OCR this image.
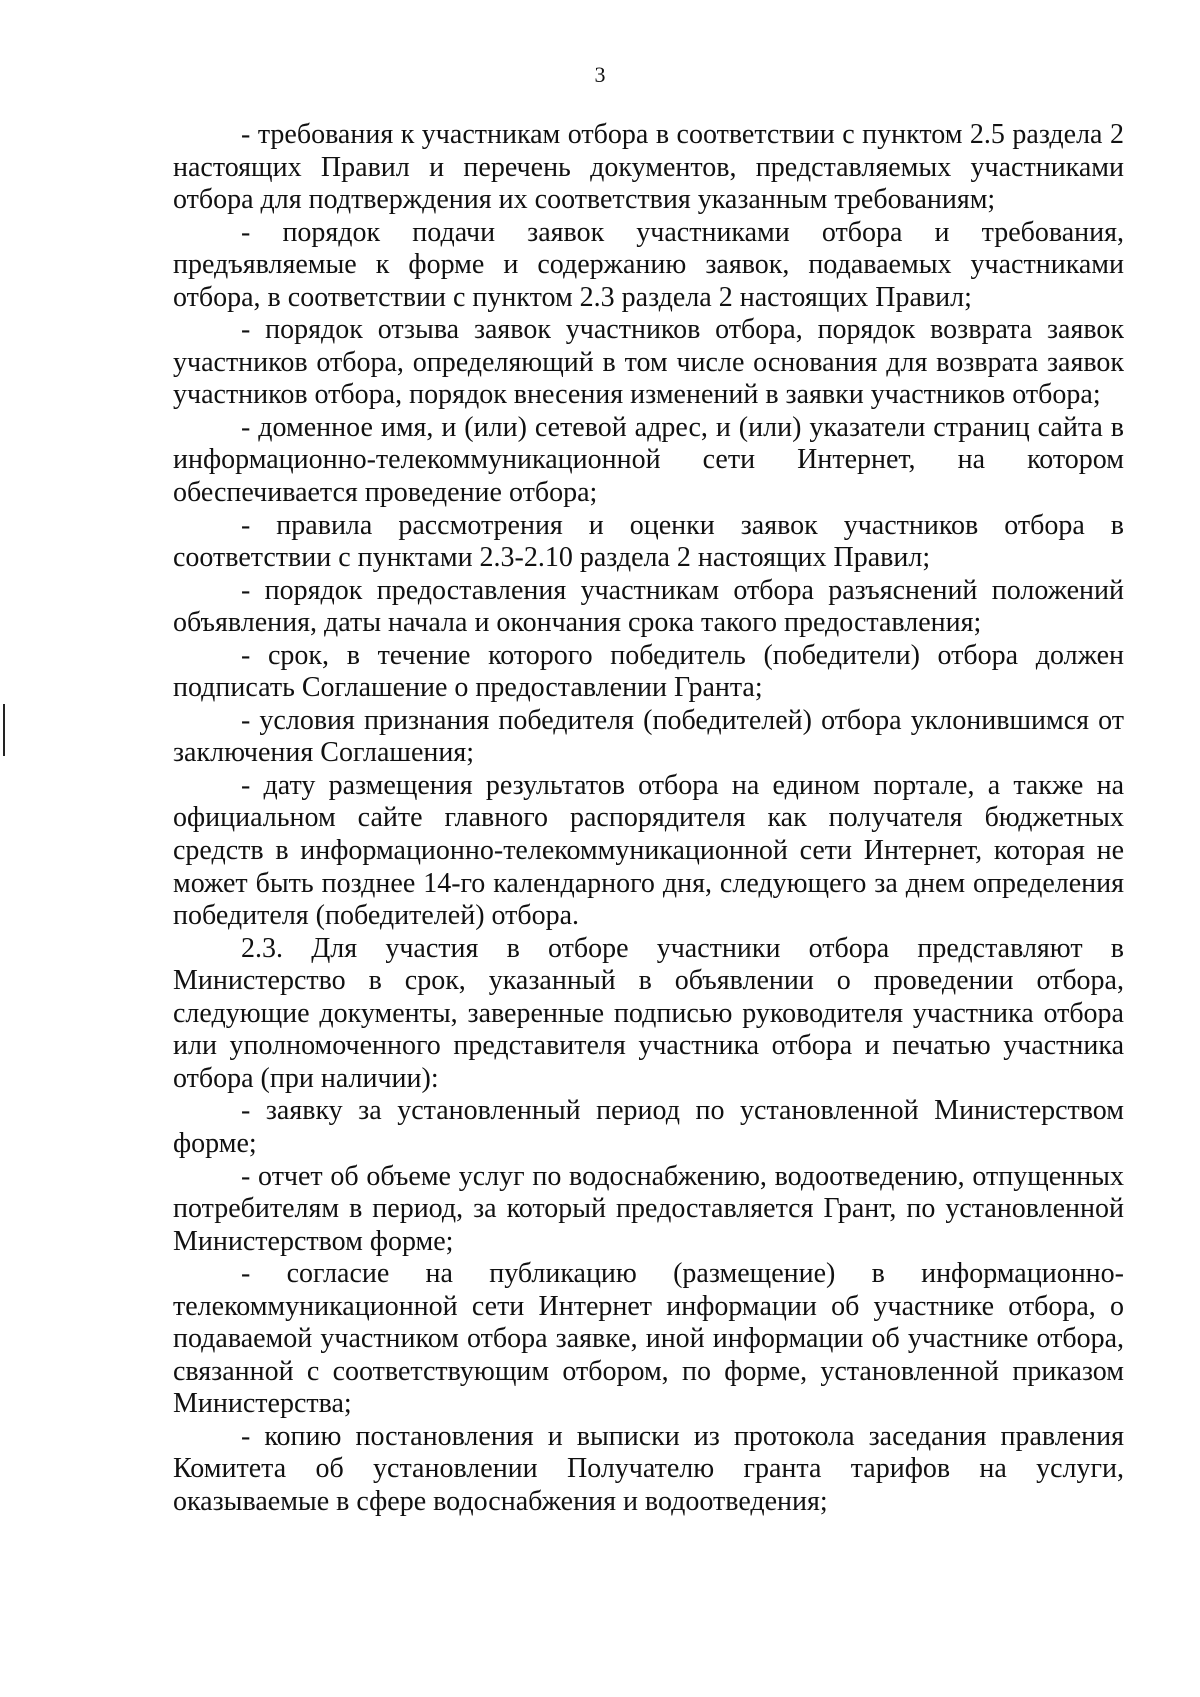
3

- требования к участникам отбора в соответствии с пунктом 2.5 раздела 2 настоящих Правил и перечень документов, представляемых участниками отбора для подтверждения их соответствия указанным требованиям;

- порядок подачи заявок участниками отбора и требования, предъявляемые к форме и содержанию заявок, подаваемых участниками отбора, в соответствии с пунктом 2.3 раздела 2 настоящих Правил;

- порядок отзыва заявок участников отбора, порядок возврата заявок участников отбора, определяющий в том числе основания для возврата заявок участников отбора, порядок внесения изменений в заявки участников отбора;

- доменное имя, и (или) сетевой адрес, и (или) указатели страниц сайта в информационно-телекоммуникационной сети Интернет, на котором обеспечивается проведение отбора;

- правила рассмотрения и оценки заявок участников отбора в соответствии с пунктами 2.3-2.10 раздела 2 настоящих Правил;

- порядок предоставления участникам отбора разъяснений положений объявления, даты начала и окончания срока такого предоставления;

- срок, в течение которого победитель (победители) отбора должен подписать Соглашение о предоставлении Гранта;

- условия признания победителя (победителей) отбора уклонившимся от заключения Соглашения;

- дату размещения результатов отбора на едином портале, а также на официальном сайте главного распорядителя как получателя бюджетных средств в информационно-телекоммуникационной сети Интернет, которая не может быть позднее 14-го календарного дня, следующего за днем определения победителя (победителей) отбора.

2.3. Для участия в отборе участники отбора представляют в Министерство в срок, указанный в объявлении о проведении отбора, следующие документы, заверенные подписью руководителя участника отбора или уполномоченного представителя участника отбора и печатью участника отбора (при наличии):

- заявку за установленный период по установленной Министерством форме;

- отчет об объеме услуг по водоснабжению, водоотведению, отпущенных потребителям в период, за который предоставляется Грант, по установленной Министерством форме;

- согласие на публикацию (размещение) в информационно-телекоммуникационной сети Интернет информации об участнике отбора, о подаваемой участником отбора заявке, иной информации об участнике отбора, связанной с соответствующим отбором, по форме, установленной приказом Министерства;

- копию постановления и выписки из протокола заседания правления Комитета об установлении Получателю гранта тарифов на услуги, оказываемые в сфере водоснабжения и водоотведения;
